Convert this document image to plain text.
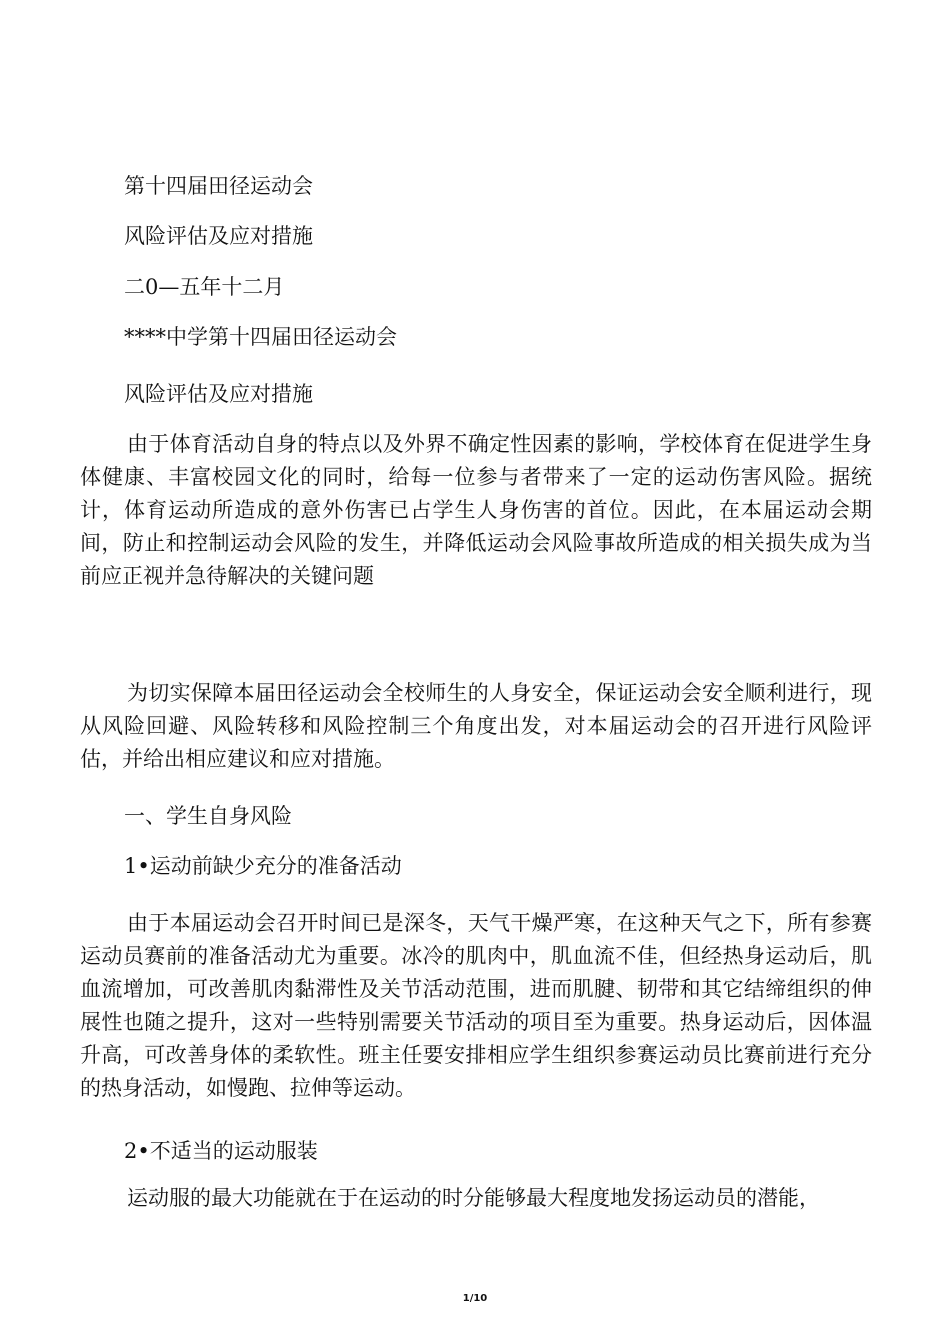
第十四届田径运动会
风险评估及应对措施
二0—五年十二月
****中学第十四届田径运动会
风险评估及应对措施

由于体育活动自身的特点以及外界不确定性因素的影响，学校体育在促进学生身体健康、丰富校园文化的同时，给每一位参与者带来了一定的运动伤害风险。据统计，体育运动所造成的意外伤害已占学生人身伤害的首位。因此，在本届运动会期间，防止和控制运动会风险的发生，并降低运动会风险事故所造成的相关损失成为当前应正视并急待解决的关键问题

为切实保障本届田径运动会全校师生的人身安全，保证运动会安全顺利进行，现从风险回避、风险转移和风险控制三个角度出发，对本届运动会的召开进行风险评估，并给出相应建议和应对措施。

一、学生自身风险
1•运动前缺少充分的准备活动

由于本届运动会召开时间已是深冬，天气干燥严寒，在这种天气之下，所有参赛运动员赛前的准备活动尤为重要。冰冷的肌肉中，肌血流不佳，但经热身运动后，肌血流增加，可改善肌肉黏滞性及关节活动范围，进而肌腱、韧带和其它结缔组织的伸展性也随之提升，这对一些特别需要关节活动的项目至为重要。热身运动后，因体温升高，可改善身体的柔软性。班主任要安排相应学生组织参赛运动员比赛前进行充分的热身活动，如慢跑、拉伸等运动。

2•不适当的运动服装

运动服的最大功能就在于在运动的时分能够最大程度地发扬运动员的潜能，

1/10
